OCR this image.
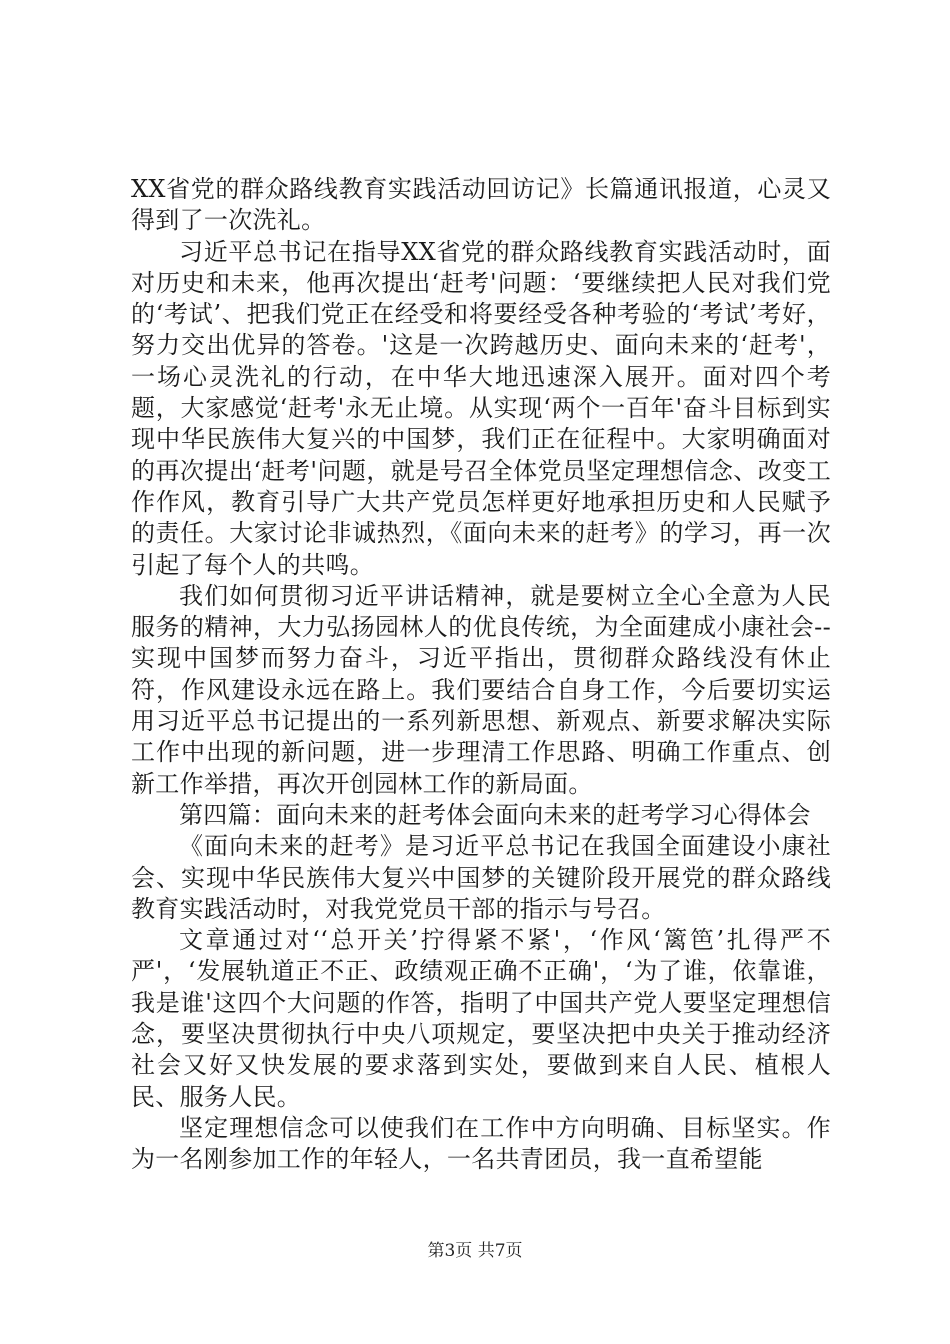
XX省党的群众路线教育实践活动回访记》长篇通讯报道，心灵又得到了一次洗礼。

习近平总书记在指导XX省党的群众路线教育实践活动时，面对历史和未来，他再次提出‘赶考'问题：‘要继续把人民对我们党的‘考试’、把我们党正在经受和将要经受各种考验的‘考试’考好，努力交出优异的答卷。'这是一次跨越历史、面向未来的‘赶考'，一场心灵洗礼的行动，在中华大地迅速深入展开。面对四个考题，大家感觉‘赶考'永无止境。从实现‘两个一百年'奋斗目标到实现中华民族伟大复兴的中国梦，我们正在征程中。大家明确面对的再次提出‘赶考'问题，就是号召全体党员坚定理想信念、改变工作作风，教育引导广大共产党员怎样更好地承担历史和人民赋予的责任。大家讨论非诚热烈，《面向未来的赶考》的学习，再一次引起了每个人的共鸣。

我们如何贯彻习近平讲话精神，就是要树立全心全意为人民服务的精神，大力弘扬园林人的优良传统，为全面建成小康社会--实现中国梦而努力奋斗，习近平指出，贯彻群众路线没有休止符，作风建设永远在路上。我们要结合自身工作，今后要切实运用习近平总书记提出的一系列新思想、新观点、新要求解决实际工作中出现的新问题，进一步理清工作思路、明确工作重点、创新工作举措，再次开创园林工作的新局面。

第四篇：面向未来的赶考体会面向未来的赶考学习心得体会

《面向未来的赶考》是习近平总书记在我国全面建设小康社会、实现中华民族伟大复兴中国梦的关键阶段开展党的群众路线教育实践活动时，对我党党员干部的指示与号召。

文章通过对‘‘总开关’拧得紧不紧'，‘作风‘篱笆’扎得严不严'，‘发展轨道正不正、政绩观正确不正确'，‘为了谁，依靠谁，我是谁'这四个大问题的作答，指明了中国共产党人要坚定理想信念，要坚决贯彻执行中央八项规定，要坚决把中央关于推动经济社会又好又快发展的要求落到实处，要做到来自人民、植根人民、服务人民。

坚定理想信念可以使我们在工作中方向明确、目标坚实。作为一名刚参加工作的年轻人，一名共青团员，我一直希望能

第3页 共7页
